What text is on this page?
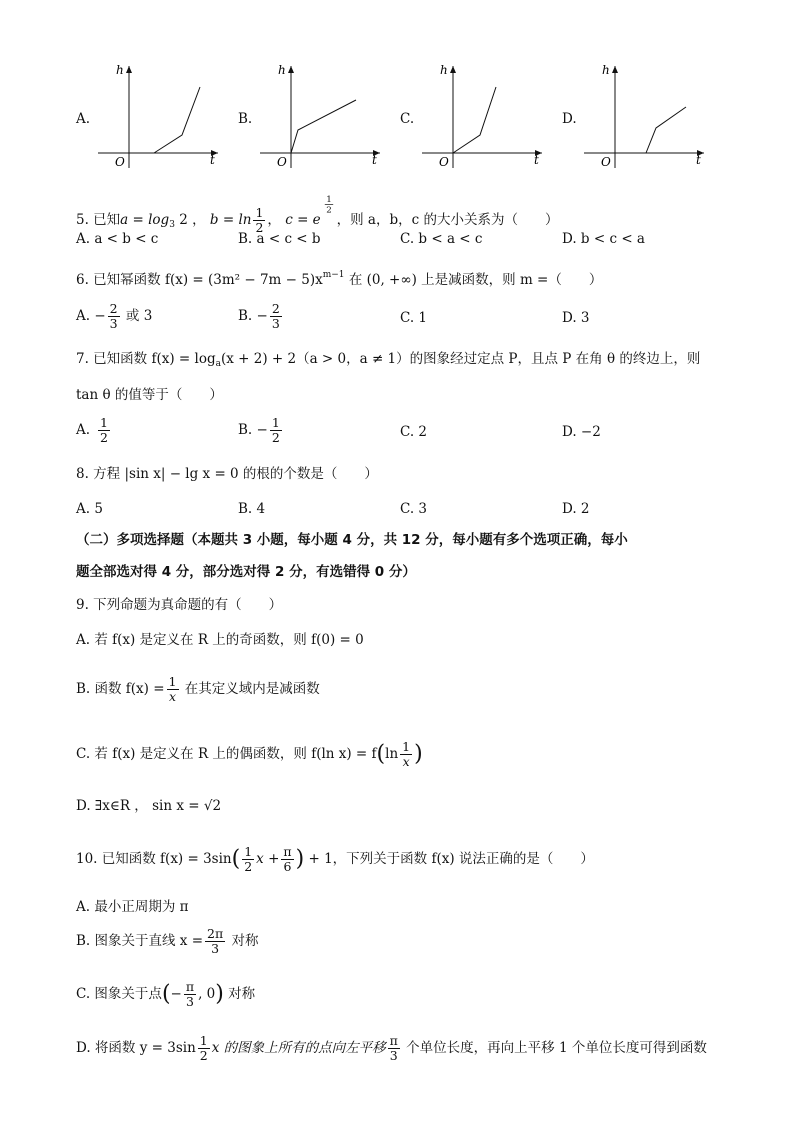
A.
h
t
O
B.
h
t
O
C.
h
t
O
D.
h
t
O
5. 已知$a = \log_3 2$ ， $b = \ln \frac{1}{2}$ ， c = e
$\frac{1}{2}$
，则 a，b，c 的大小关系为（　　）
A. a < b < c	B. a < c < b	C. b < a < c	D. b < c < a
6. 已知幂函数 $f(x) = (3m^2 - 7m - 5)x^{m-1}$ 在 (0, +∞) 上是减函数，则 m =（　　）
A. − $\frac{2}{3}$ 或 3	B. − $\frac{2}{3}$	C. 1	D. 3
7. 已知函数 $f(x) = \log_a(x + 2) + 2(a > 0$，a ≠ 1）的图象经过定点 P，且点 P 在角 θ 的终边上，则
tan θ 的值等于（　　）
A. $\frac{1}{2}$	B. − $\frac{1}{2}$	C. 2	D. −2
8. 方程 |sin x| − lg x = 0 的根的个数是（　　）
A. 5	B. 4	C. 3	D. 2
（二）多项选择题（本题共 3 小题，每小题 4 分，共 12 分，每小题有多个选项正确，每小
题全部选对得 4 分，部分选对得 2 分，有选错得 0 分）
9. 下列命题为真命题的有（　　）
A. 若 f(x) 是定义在 R 上的奇函数，则 f(0) = 0
B. 函数 $f(x) = \frac{1}{x}$ 在其定义域内是减函数
C. 若 f(x) 是定义在 R 上的偶函数，则 f(ln $x) = f(\ln \frac{1}{x}$ )
D. ∃x∈R ， sin x = √2
10. 已知函数 $f(x) = 3\sin( \frac{1}{2}$ $x + \frac{\pi}{6}$ ) + 1，下列关于函数 f(x) 说法正确的是（　　）
A. 最小正周期为 π
B. 图象关于直线 $x = \frac{2\pi}{3}$ 对称
C. 图象关于点(− $\frac{\pi}{3}$ , 0) 对称
D. 将函数 $y = 3\sin \frac{1}{2}$ x 的图象上所有的点向左平移 $\frac{\pi}{3}$ 个单位长度，再向上平移 1 个单位长度可得到函数
